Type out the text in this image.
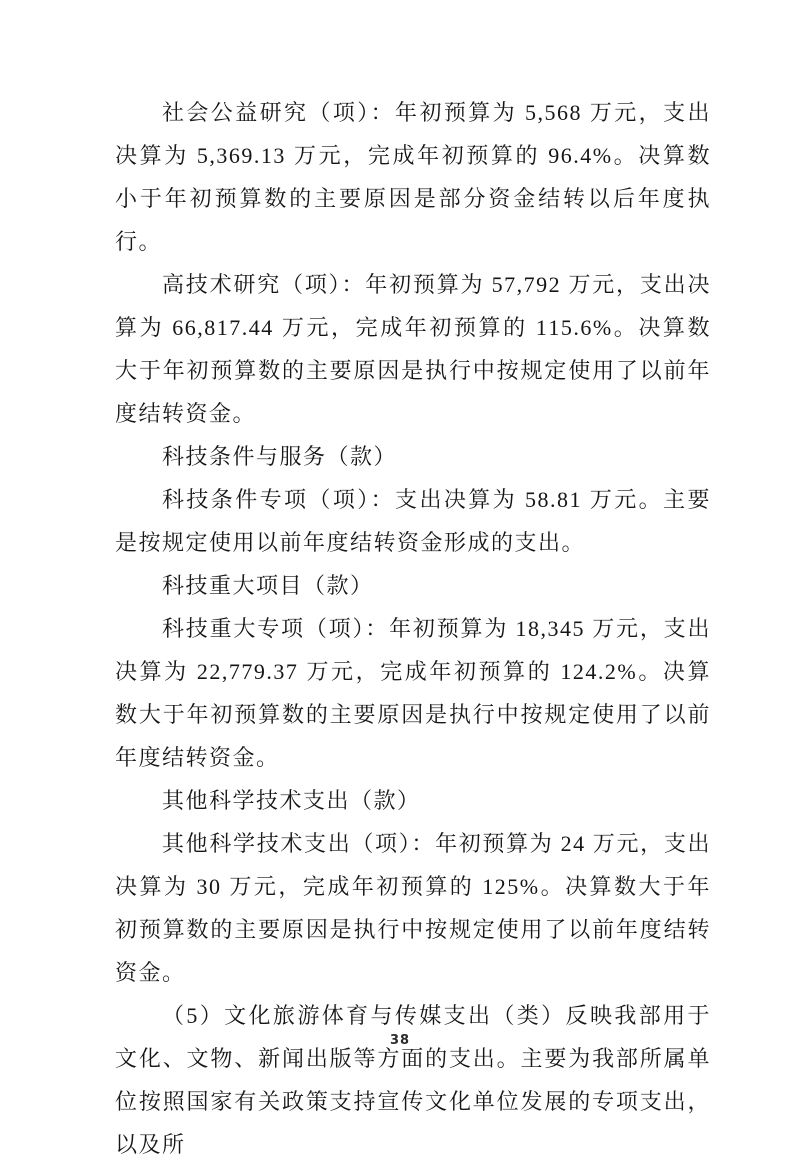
社会公益研究（项）：年初预算为 5,568 万元，支出决算为 5,369.13 万元，完成年初预算的 96.4%。决算数小于年初预算数的主要原因是部分资金结转以后年度执行。

高技术研究（项）：年初预算为 57,792 万元，支出决算为 66,817.44 万元，完成年初预算的 115.6%。决算数大于年初预算数的主要原因是执行中按规定使用了以前年度结转资金。

科技条件与服务（款）

科技条件专项（项）：支出决算为 58.81 万元。主要是按规定使用以前年度结转资金形成的支出。

科技重大项目（款）

科技重大专项（项）：年初预算为 18,345 万元，支出决算为 22,779.37 万元，完成年初预算的 124.2%。决算数大于年初预算数的主要原因是执行中按规定使用了以前年度结转资金。

其他科学技术支出（款）

其他科学技术支出（项）：年初预算为 24 万元，支出决算为 30 万元，完成年初预算的 125%。决算数大于年初预算数的主要原因是执行中按规定使用了以前年度结转资金。

（5）文化旅游体育与传媒支出（类）反映我部用于文化、文物、新闻出版等方面的支出。主要为我部所属单位按照国家有关政策支持宣传文化单位发展的专项支出，以及所

38
